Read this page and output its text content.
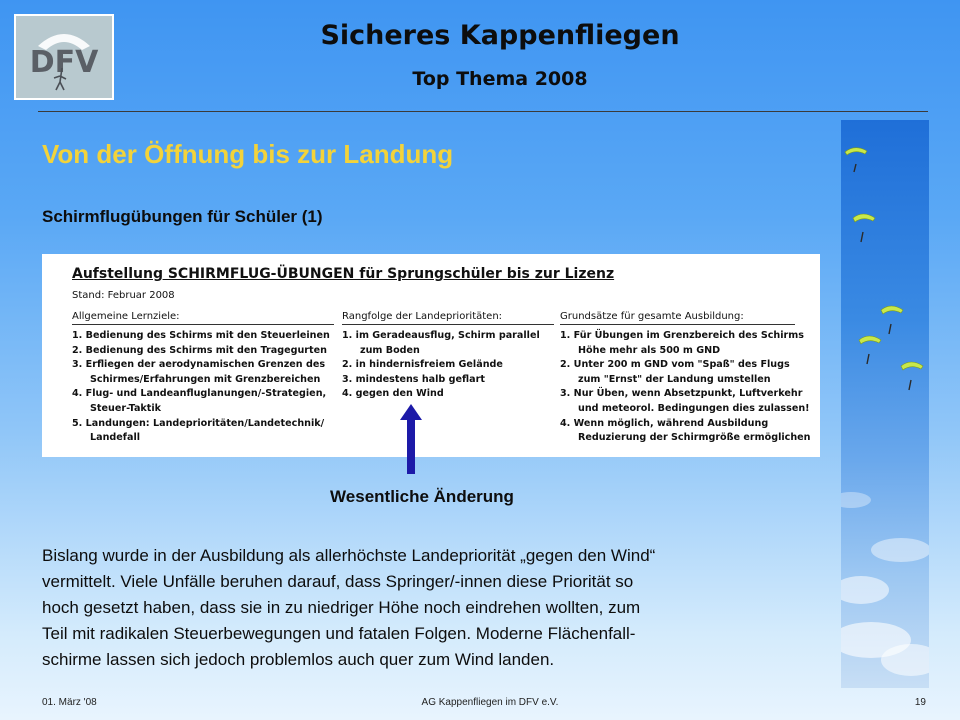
DFV
Sicheres Kappenfliegen
Top Thema 2008
Von der Öffnung bis zur Landung
Schirmflugübungen für Schüler (1)
Aufstellung SCHIRMFLUG-ÜBUNGEN für Sprungschüler bis zur Lizenz
Stand: Februar 2008
Allgemeine Lernziele:
1. Bedienung des Schirms mit den Steuerleinen
2. Bedienung des Schirms mit den Tragegurten
3. Erfliegen der aerodynamischen Grenzen des
Schirmes/Erfahrungen mit Grenzbereichen
4. Flug- und Landeanfluglanungen/-Strategien,
Steuer-Taktik
5. Landungen: Landeprioritäten/Landetechnik/
Landefall
Rangfolge der Landeprioritäten:
1. im Geradeausflug, Schirm parallel
zum Boden
2. in hindernisfreiem Gelände
3. mindestens halb geflart
4. gegen den Wind
Grundsätze für gesamte Ausbildung:
1. Für Übungen im Grenzbereich des Schirms
Höhe mehr als 500 m GND
2. Unter 200 m GND vom "Spaß" des Flugs
zum "Ernst" der Landung umstellen
3. Nur Üben, wenn Absetzpunkt, Luftverkehr
und meteorol. Bedingungen dies zulassen!
4. Wenn möglich, während Ausbildung
Reduzierung der Schirmgröße ermöglichen
Wesentliche Änderung
Bislang wurde in der Ausbildung als allerhöchste Landepriorität „gegen den Wind“
vermittelt. Viele Unfälle beruhen darauf, dass Springer/-innen diese Priorität so
hoch gesetzt haben, dass sie in zu niedriger Höhe noch eindrehen wollten, zum
Teil mit radikalen Steuerbewegungen und fatalen Folgen. Moderne Flächenfall-
schirme lassen sich jedoch problemlos auch quer zum Wind landen.
01. März '08	AG Kappenfliegen im DFV e.V.	19
